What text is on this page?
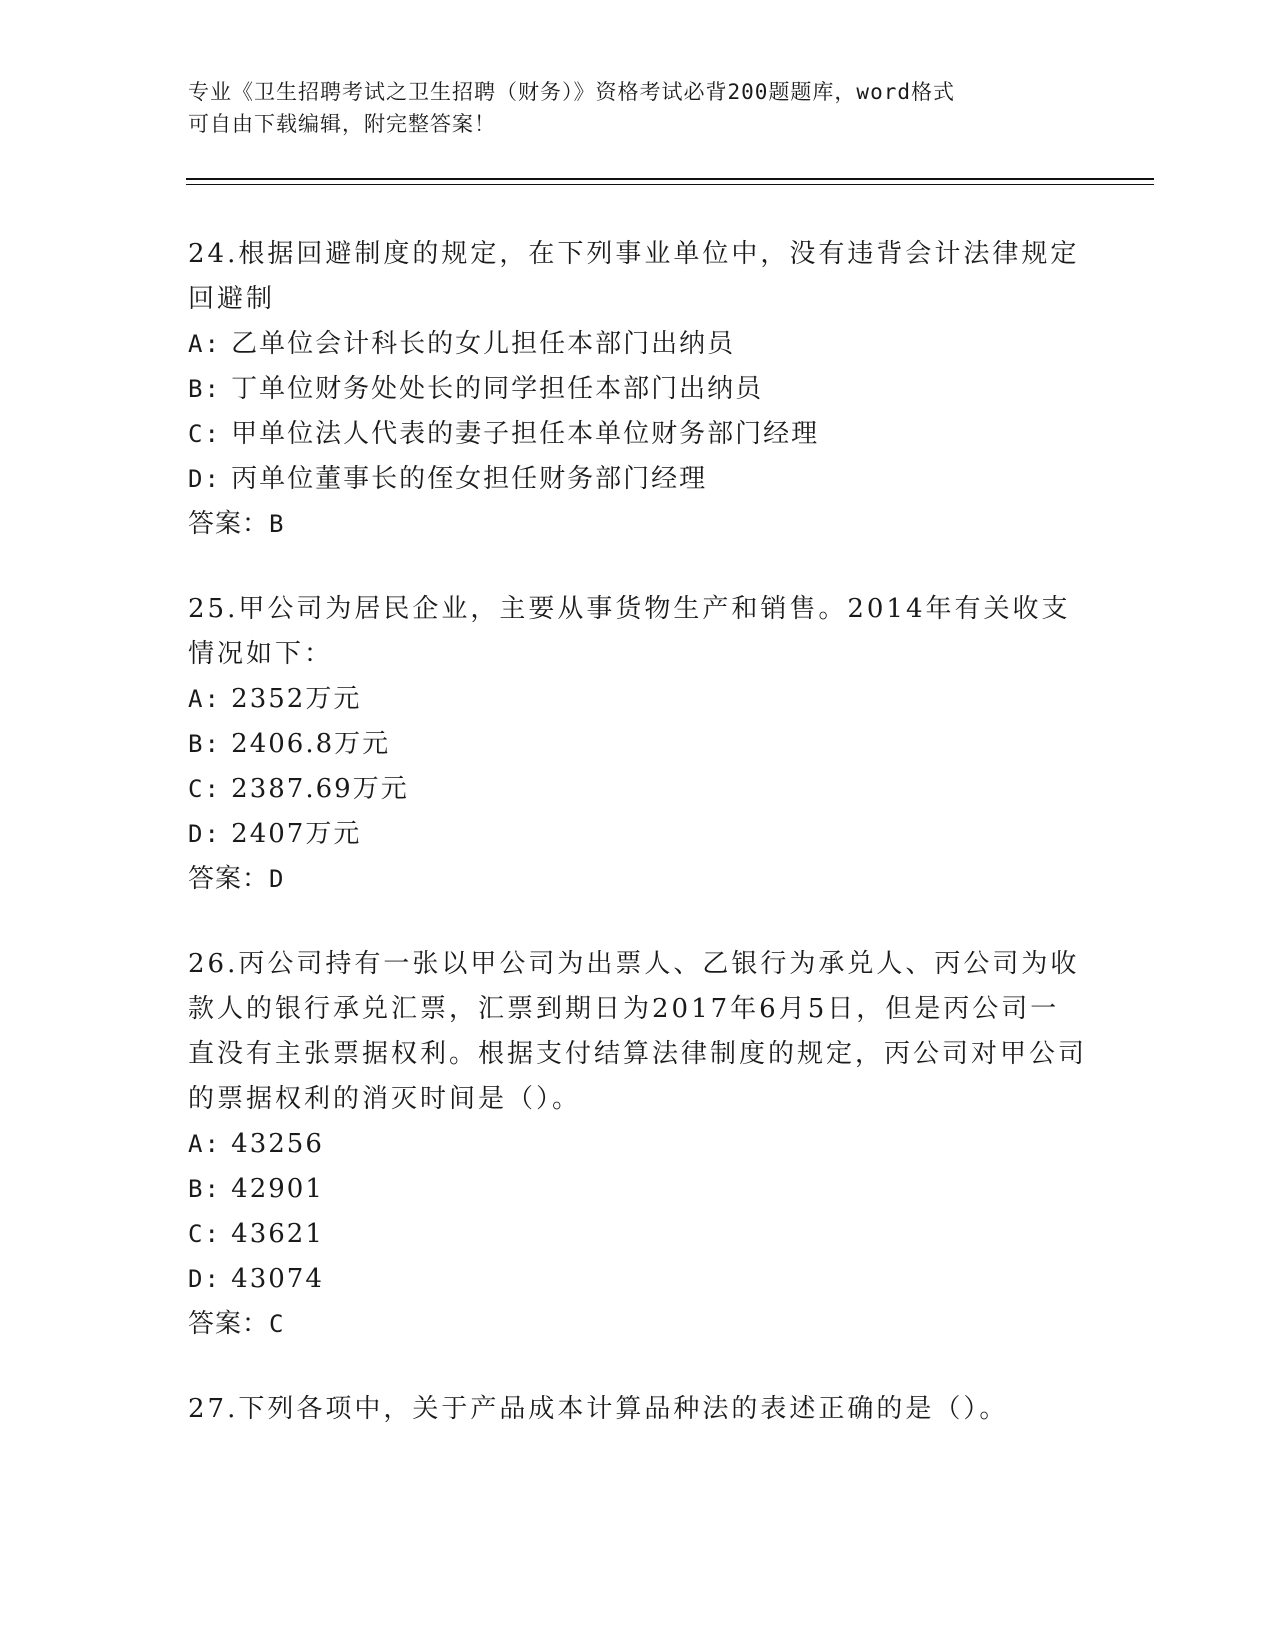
专业《卫生招聘考试之卫生招聘（财务）》资格考试必背200题题库，word格式
可自由下载编辑，附完整答案！
24.根据回避制度的规定，在下列事业单位中，没有违背会计法律规定回避制
A: 乙单位会计科长的女儿担任本部门出纳员
B: 丁单位财务处处长的同学担任本部门出纳员
C: 甲单位法人代表的妻子担任本单位财务部门经理
D: 丙单位董事长的侄女担任财务部门经理
答案：B
25.甲公司为居民企业，主要从事货物生产和销售。2014年有关收支情况如下：
A: 2352万元
B: 2406.8万元
C: 2387.69万元
D: 2407万元
答案：D
26.丙公司持有一张以甲公司为出票人、乙银行为承兑人、丙公司为收款人的银行承兑汇票，汇票到期日为2017年6月5日，但是丙公司一直没有主张票据权利。根据支付结算法律制度的规定，丙公司对甲公司的票据权利的消灭时间是（）。
A: 43256
B: 42901
C: 43621
D: 43074
答案：C
27.下列各项中，关于产品成本计算品种法的表述正确的是（）。
